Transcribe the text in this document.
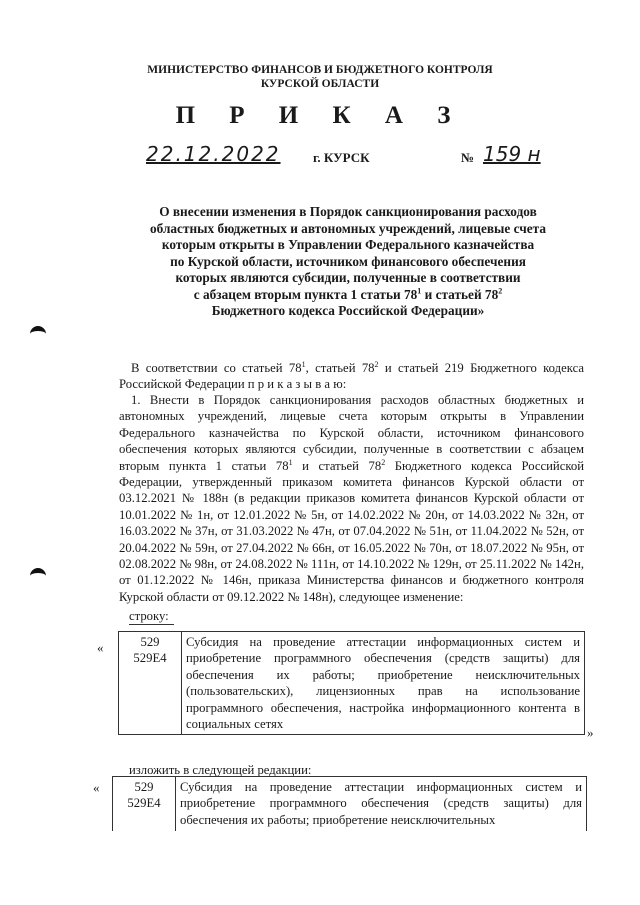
МИНИСТЕРСТВО ФИНАНСОВ И БЮДЖЕТНОГО КОНТРОЛЯ
КУРСКОЙ ОБЛАСТИ
П Р И К А З
22.12.2022 г. КУРСК	№ 159 н
О внесении изменения в Порядок санкционирования расходов
областных бюджетных и автономных учреждений, лицевые счета
которым открыты в Управлении Федерального казначейства
по Курской области, источником финансового обеспечения
которых являются субсидии, полученные в соответствии
с абзацем вторым пункта 1 статьи $78^1$ и статьей $78^2$
Бюджетного кодекса Российской Федерации»
В соответствии со статьей $78^1$, статьей $78^2$ и статьей 219 Бюджетного кодекса Российской Федерации п р и к а з ы в а ю:
1. Внести в Порядок санкционирования расходов областных бюджетных и автономных учреждений, лицевые счета которым открыты в Управлении Федерального казначейства по Курской области, источником финансового обеспечения которых являются субсидии, полученные в соответствии с абзацем вторым пункта 1 статьи $78^1$ и статьей $78^2$ Бюджетного кодекса Российской Федерации, утвержденный приказом комитета финансов Курской области от 03.12.2021 № 188н (в редакции приказов комитета финансов Курской области от 10.01.2022 № 1н, от 12.01.2022 № 5н, от 14.02.2022 № 20н, от 14.03.2022 № 32н, от 16.03.2022 № 37н, от 31.03.2022 № 47н, от 07.04.2022 № 51н, от 11.04.2022 № 52н, от 20.04.2022 № 59н, от 27.04.2022 № 66н, от 16.05.2022 № 70н, от 18.07.2022 № 95н, от 02.08.2022 № 98н, от 24.08.2022 № 111н, от 14.10.2022 № 129н, от 25.11.2022 № 142н, от 01.12.2022 № 146н, приказа Министерства финансов и бюджетного контроля Курской области от 09.12.2022 № 148н), следующее изменение:
строку:
«	529
529E4
	Субсидия на проведение аттестации информационных систем и приобретение программного обеспечения (средств защиты) для обеспечения их работы; приобретение неисключительных (пользовательских), лицензионных прав на использование программного обеспечения, настройка информационного контента в социальных сетях
»
изложить в следующей редакции:
«	529
529E4
	Субсидия на проведение аттестации информационных систем и приобретение программного обеспечения (средств защиты) для обеспечения их работы; приобретение неисключительных
